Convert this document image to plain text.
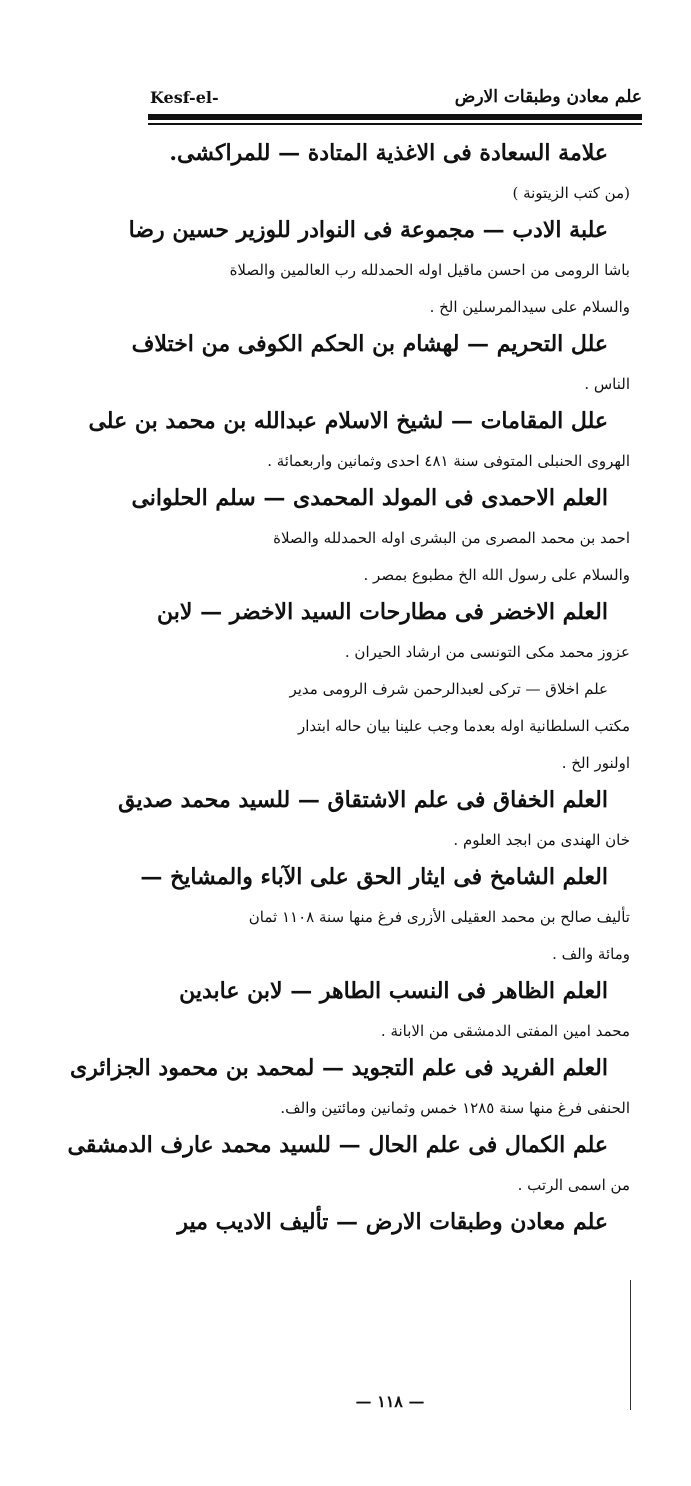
Kesf-el-	علم معادن وطبقات الارض
علامة السعادة فى الاغذية المتادة — للمراكشى.
(من كتب الزيتونة )
علبة الادب — مجموعة فى النوادر للوزير حسين رضا
باشا الرومى من احسن ماقيل اوله الحمدلله رب العالمين والصلاة
والسلام على سيدالمرسلين الخ .
علل التحريم — لهشام بن الحكم الكوفى من اختلاف
الناس .
علل المقامات — لشيخ الاسلام عبدالله بن محمد بن على
الهروى الحنبلى المتوفى سنة ٤٨١ احدى وثمانين واربعمائة .
العلم الاحمدى فى المولد المحمدى — سلم الحلوانى
احمد بن محمد المصرى من البشرى اوله الحمدلله والصلاة
والسلام على رسول الله الخ مطبوع بمصر .
العلم الاخضر فى مطارحات السيد الاخضر — لابن
عزوز محمد مكى التونسى من ارشاد الحيران .
علم اخلاق — تركى لعبدالرحمن شرف الرومى مدير
مكتب السلطانية اوله بعدما وجب علينا بيان حاله ابتدار
اولنور الخ .
العلم الخفاق فى علم الاشتقاق — للسيد محمد صديق
خان الهندى من ابجد العلوم .
العلم الشامخ فى ايثار الحق على الآباء والمشايخ —
تأليف صالح بن محمد العقيلى الأزرى فرغ منها سنة ١١٠٨ ثمان
ومائة والف .
العلم الظاهر فى النسب الطاهر — لابن عابدين
محمد امين المفتى الدمشقى من الابانة .
العلم الفريد فى علم التجويد — لمحمد بن محمود الجزائرى
الحنفى فرغ منها سنة ١٢٨٥ خمس وثمانين ومائتين والف.
علم الكمال فى علم الحال — للسيد محمد عارف الدمشقى
من اسمى الرتب .
علم معادن وطبقات الارض — تأليف الاديب مير
— ١١٨ —
